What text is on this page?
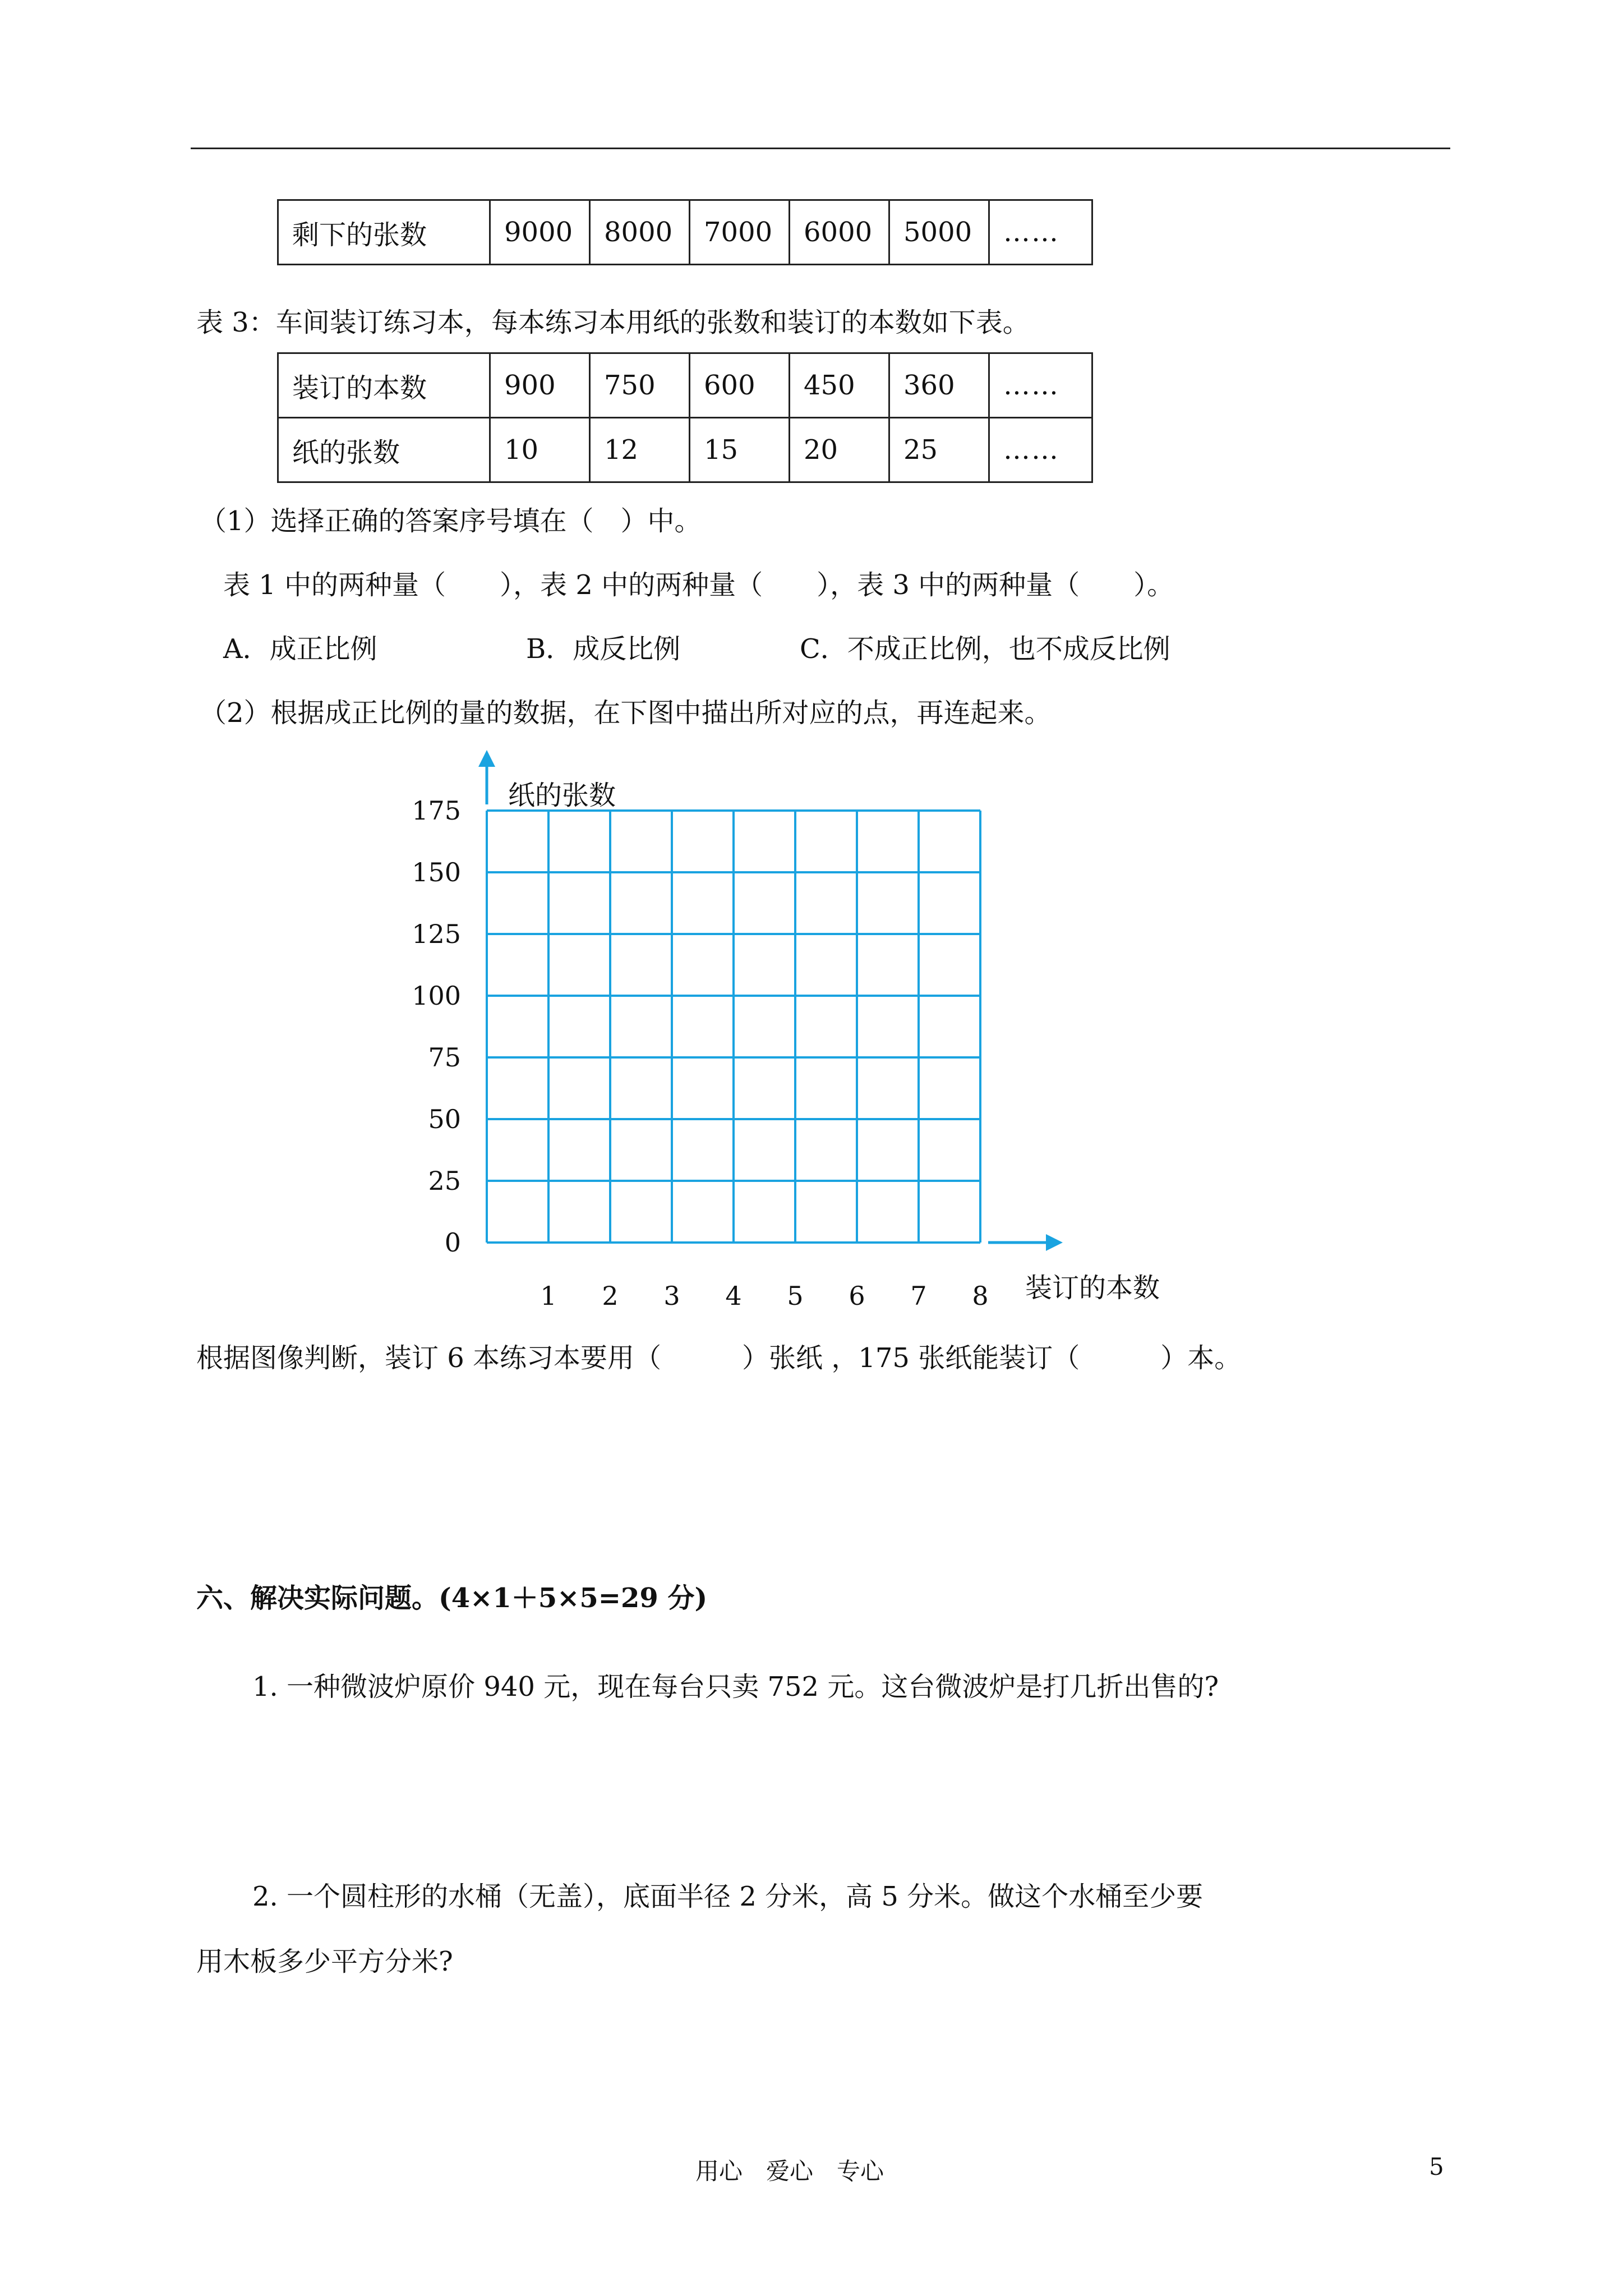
剩下的张数	9000	8000	7000	6000	5000	……
表 3：车间装订练习本，每本练习本用纸的张数和装订的本数如下表。
装订的本数	900	750	600	450	360	……
纸的张数	10	12	15	20	25	……
（1）选择正确的答案序号填在（　）中。
表 1 中的两种量（　　），表 2 中的两种量（　　），表 3 中的两种量（　　）。
A．成正比例	B．成反比例	C．不成正比例，也不成反比例
（2）根据成正比例的量的数据，在下图中描出所对应的点，再连起来。
0
25
50
75
100
125
150
175
1 2 3 4 5 6 7 8
纸的张数
装订的本数
根据图像判断，装订 6 本练习本要用（　　　）张纸 ，175 张纸能装订（　　　）本。
六、解决实际问题。(4×1＋5×5=29 分)
1. 一种微波炉原价 940 元，现在每台只卖 752 元。这台微波炉是打几折出售的?
2. 一个圆柱形的水桶（无盖），底面半径 2 分米，高 5 分米。做这个水桶至少要
用木板多少平方分米?
用心　爱心　专心	5
